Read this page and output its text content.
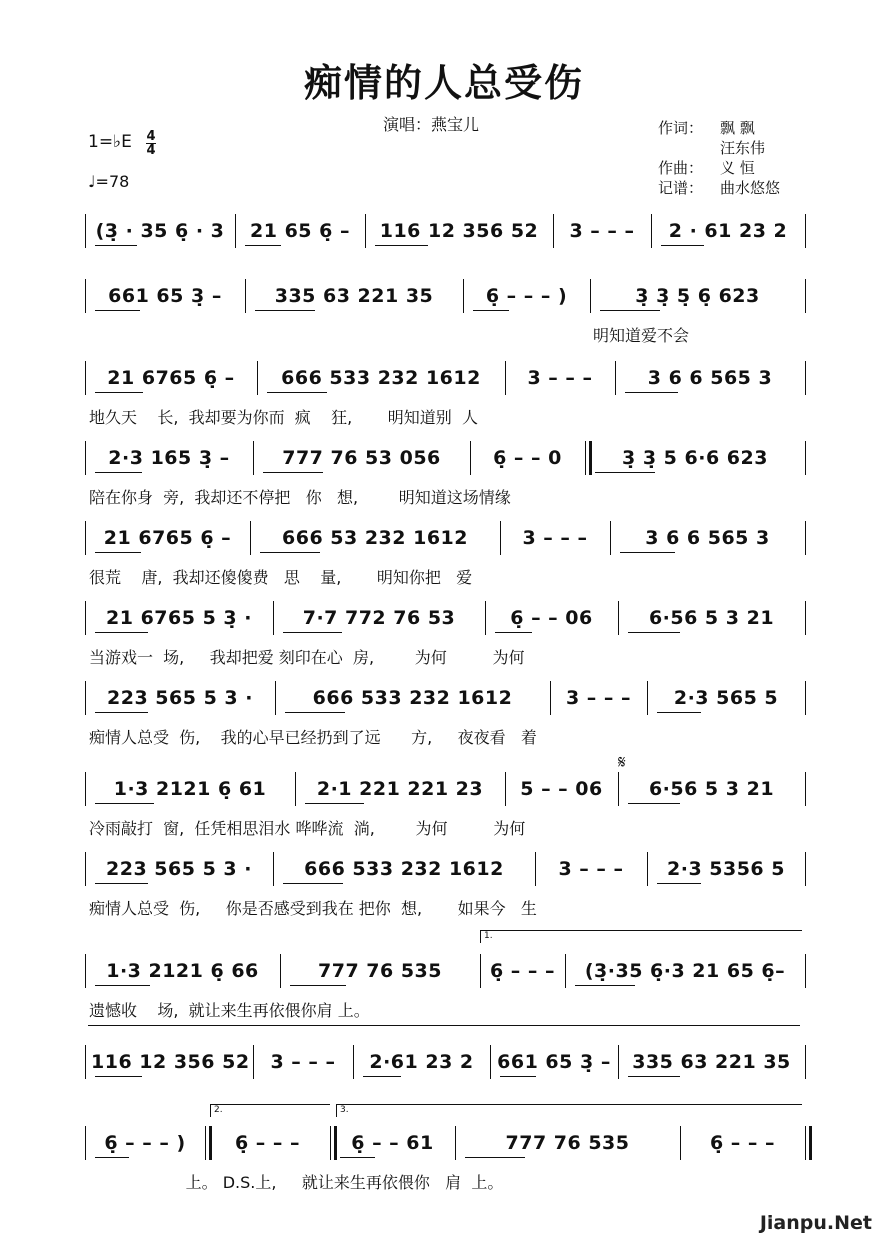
痴情的人总受伤
演唱：燕宝儿	作词：	飘 飘
汪东伟
作曲：	义 恒
记谱：	曲水悠悠
1=♭E 4
4
♩=78
(3̣ · 35 6̣ · 3	21 65 6̣ –	116 12 356 52	3 – – –	2 · 61 23 2
661 65 3̣ –	335 63 221 35	6̣ – – – )	3̣ 3̣ 5̣ 6̣ 623
明知道爱不会
21 6765 6̣ –	666 533 232 1612	3 – – –	3 6 6 565 3
地久天    长,  我却要为你而  疯    狂,       明知道别  人
2·3 165 3̣ –	777 76 53 056	6̣ – – 0	3̣ 3̣ 5 6·6 623
陪在你身  旁,  我却还不停把   你   想,        明知道这场情缘
21 6765 6̣ –	666 53 232 1612	3 – – –	3 6 6 565 3
很荒    唐,  我却还傻傻费   思    量,       明知你把   爱
21 6765 5 3̣ ·	7·7 772 76 53	6̣ – – 06	6·56 5 3 21
当游戏一  场,     我却把爱 刻印在心  房,        为何         为何
223 565 5 3 ·	666 533 232 1612	3 – – –	2·3 565 5
痴情人总受  伤,    我的心早已经扔到了远      方,     夜夜看   着
1·3 2121 6̣ 61	2·1 221 221 23	5 – – 06	6·56 5 3 21
冷雨敲打  窗,  任凭相思泪水 哗哗流  淌,        为何         为何
223 565 5 3 ·	666 533 232 1612	3 – – –	2·3 5356 5
痴情人总受  伤,     你是否感受到我在 把你  想,       如果今   生
1·3 2121 6̣ 66	777 76 535	6̣ – – –	(3̣·35 6̣·3 21 65 6̣–
遗憾收    场,  就让来生再依偎你肩 上。
116 12 356 52	3 – – –	2·61 23 2	661 65 3̣ –	335 63 221 35
6̣ – – – )	6̣ – – –	6̣ – – 61	777 76 535	6̣ – – –
上。 D.S.上,     就让来生再依偎你   肩  上。
1.
2.	3.
𝄋
Jianpu.Net
